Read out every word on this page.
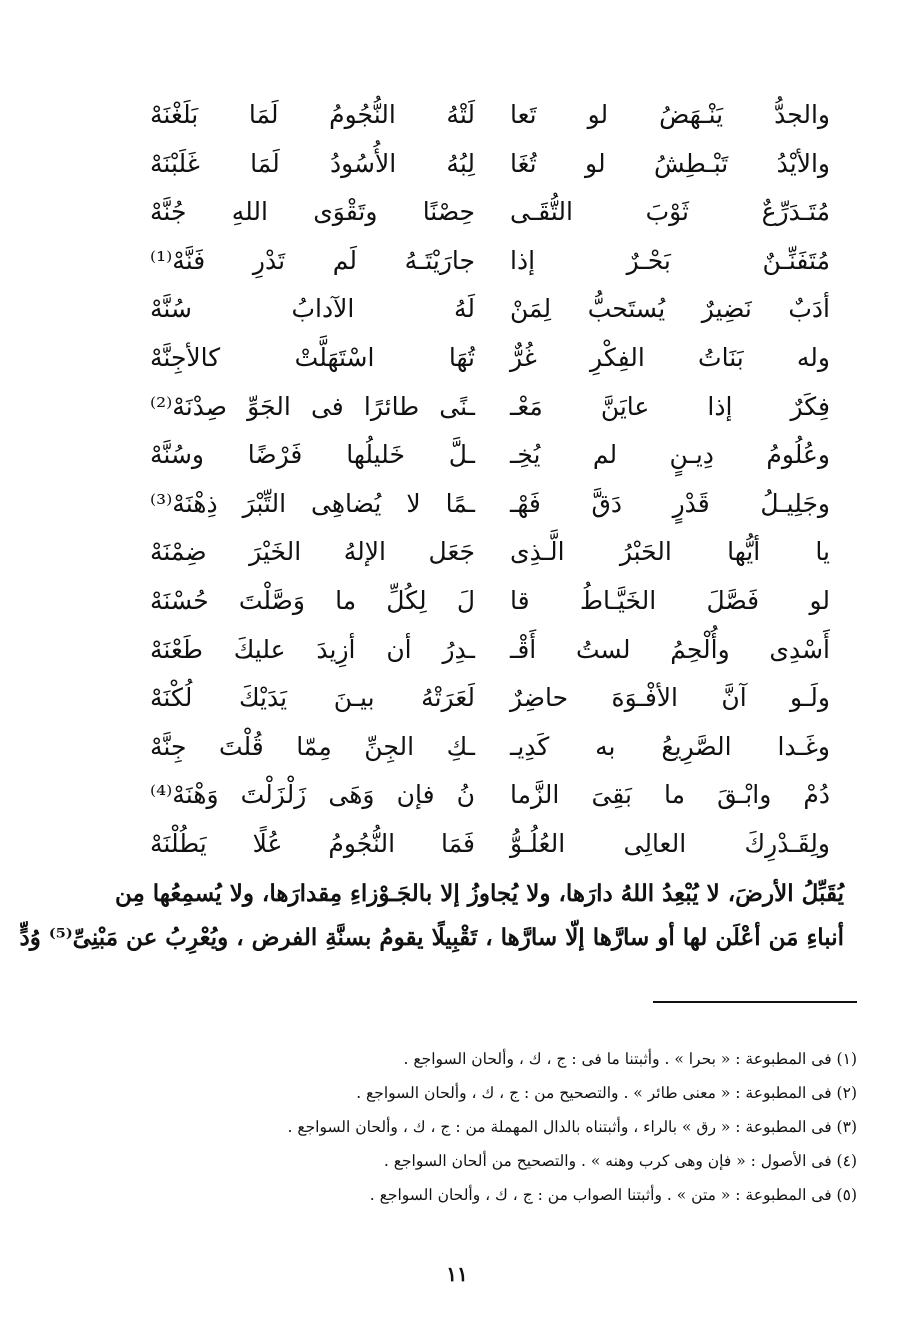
والجدُّ يَنْـهَضُ لو تَعا
لَتْهُ النُّجُومُ لَمَا بَلَغْنَهْ
والأيْدُ تَبْـطِشُ لو تُغَا
لِبُهُ الأُسُودُ لَمَا غَلَبْنَهْ
مُتَـدَرِّعٌ ثَوْبَ التُّقَـى
حِصْنًا وتَقْوَى اللهِ جُنَّهْ
مُتَفَنِّـنٌ بَحْـرٌ إذا
جارَيْتَـهُ لَم تَدْرِ فَنَّهْ⁽¹⁾
أدَبٌ نَضِيرٌ يُستَحبُّ لِمَنْ
لَهُ الآدابُ سُنَّهْ
وله بَنَاتُ الفِكْرِ غُرٌّ
تُهَا اسْتَهَلَّتْ كالأجِنَّهْ
فِكَرٌ إذا عايَنَّ مَعْـ
ـنًى طائرًا فى الجَوِّ صِدْنَهْ⁽²⁾
وعُلُومُ دِيـنٍ لم يُخِـ
ـلَّ خَليلُها فَرْضًا وسُنَّهْ
وجَلِيـلُ قَدْرٍ دَقَّ فَهْـ
ـمًا لا يُضاهِى التِّبْرَ ذِهْنَهْ⁽³⁾
يا أيُّها الحَبْرُ الَّـذِى
جَعَل الإلهُ الخَيْرَ ضِمْنَهْ
لو فَصَّلَ الخَيَّـاطُ قا
لَ لِكُلِّ ما وَصَّلْتَ حُسْنَهْ
أَسْدِى وأُلْحِمُ لستُ أَقْـ
ـدِرُ أن أزِيدَ عليكَ طَعْنَهْ
ولَـو آنَّ الأفْـوَهَ حاضِرٌ
لَعَرَتْهُ بيـنَ يَدَيْكَ لُكْنَهْ
وغَـدا الصَّرِيعُ به كَدِيـ
ـكِ الجِنِّ مِمّا قُلْتَ جِنَّهْ
دُمْ وابْـقَ ما بَقِىَ الزَّما
نُ فإن وَهَى زَلْزَلْتَ وَهْنَهْ⁽⁴⁾
ولِقَـدْرِكَ العالِى العُلُـوُّ
فَمَا النُّجُومُ عُلًا يَطُلْنَهْ
يُقَبِّلُ الأرضَ، لا يُبْعِدُ اللهُ دارَها، ولا يُجاوزُ إلا بالجَـوْزاءِ مِقدارَها، ولا يُسمِعُها مِن
أنباءِ مَن أعْلَن لها أو سارَّها إلّا سارَّها ، تَقْبِيلًا يقومُ بسنَّةِ الفرض ، ويُعْرِبُ عن مَبْنِىِّ⁽⁵⁾ وُدٍّ
(١) فى المطبوعة : « بحرا » . وأثبتنا ما فى : ج ، ك ، وألحان السواجع .
(٢) فى المطبوعة : « معنى طائر » . والتصحيح من : ج ، ك ، وألحان السواجع .
(٣) فى المطبوعة : « رق » بالراء ، وأثبتناه بالدال المهملة من : ج ، ك ، وألحان السواجع .
(٤) فى الأصول : « فإن وهى كرب وهنه » . والتصحيح من ألحان السواجع .
(٥) فى المطبوعة : « متن » . وأثبتنا الصواب من : ج ، ك ، وألحان السواجع .
١١
